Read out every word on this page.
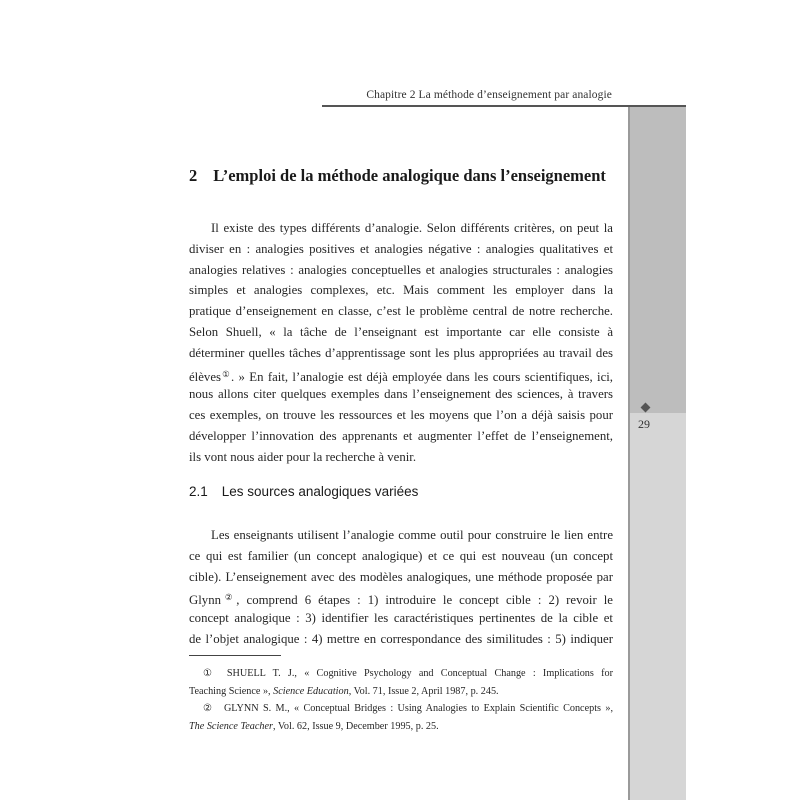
Chapitre 2 La méthode d’enseignement par analogie
29
2 L’emploi de la méthode analogique dans l’enseignement
Il existe des types différents d’analogie. Selon différents critères, on peut la
diviser en : analogies positives et analogies négative : analogies qualitatives et
analogies relatives : analogies conceptuelles et analogies structurales : analogies
simples et analogies complexes, etc. Mais comment les employer dans la
pratique d’enseignement en classe, c’est le problème central de notre recherche.
Selon Shuell, « la tâche de l’enseignant est importante car elle consiste à
déterminer quelles tâches d’apprentissage sont les plus appropriées au travail des
élèves①. » En fait, l’analogie est déjà employée dans les cours scientifiques, ici,
nous allons citer quelques exemples dans l’enseignement des sciences, à travers
ces exemples, on trouve les ressources et les moyens que l’on a déjà saisis pour
développer l’innovation des apprenants et augmenter l’effet de l’enseignement,
ils vont nous aider pour la recherche à venir.
2.1 Les sources analogiques variées
Les enseignants utilisent l’analogie comme outil pour construire le lien entre
ce qui est familier (un concept analogique) et ce qui est nouveau (un concept
cible). L’enseignement avec des modèles analogiques, une méthode proposée par
Glynn②, comprend 6 étapes : 1) introduire le concept cible : 2) revoir le
concept analogique : 3) identifier les caractéristiques pertinentes de la cible et
de l’objet analogique : 4) mettre en correspondance des similitudes : 5) indiquer
① SHUELL T. J., « Cognitive Psychology and Conceptual Change : Implications for
Teaching Science », Science Education, Vol. 71, Issue 2, April 1987, p. 245.
② GLYNN S. M., « Conceptual Bridges : Using Analogies to Explain Scientific Concepts »,
The Science Teacher, Vol. 62, Issue 9, December 1995, p. 25.
